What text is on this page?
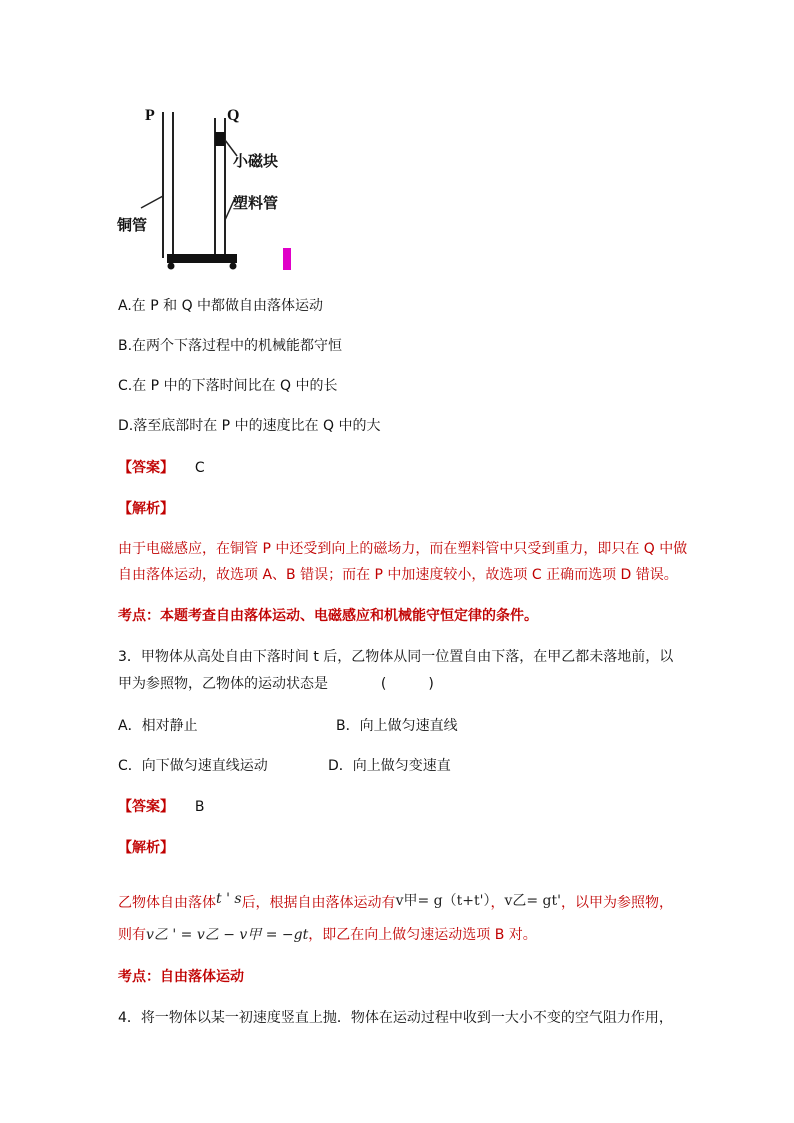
P	Q
小磁块
塑料管
铜管
A.在 P 和 Q 中都做自由落体运动
B.在两个下落过程中的机械能都守恒
C.在 P 中的下落时间比在 Q 中的长
D.落至底部时在 P 中的速度比在 Q 中的大
【答案】 C
【解析】
由于电磁感应，在铜管 P 中还受到向上的磁场力，而在塑料管中只受到重力，即只在 Q 中做
自由落体运动，故选项 A、B 错误；而在 P 中加速度较小，故选项 C 正确而选项 D 错误。
考点：本题考查自由落体运动、电磁感应和机械能守恒定律的条件。
3．甲物体从高处自由下落时间 t 后，乙物体从同一位置自由下落，在甲乙都未落地前，以
甲为参照物，乙物体的运动状态是	(　　　)
A．相对静止	B．向上做匀速直线
C．向下做匀速直线运动	D．向上做匀变速直
【答案】 B
【解析】
乙物体自由落体t ' s后，根据自由落体运动有v甲= g（t+t'），v乙= gt'，以甲为参照物，
则有v乙 ' = v乙 − v甲 = −gt，即乙在向上做匀速运动选项 B 对。
考点：自由落体运动
4．将一物体以某一初速度竖直上抛．物体在运动过程中收到一大小不变的空气阻力作用，
